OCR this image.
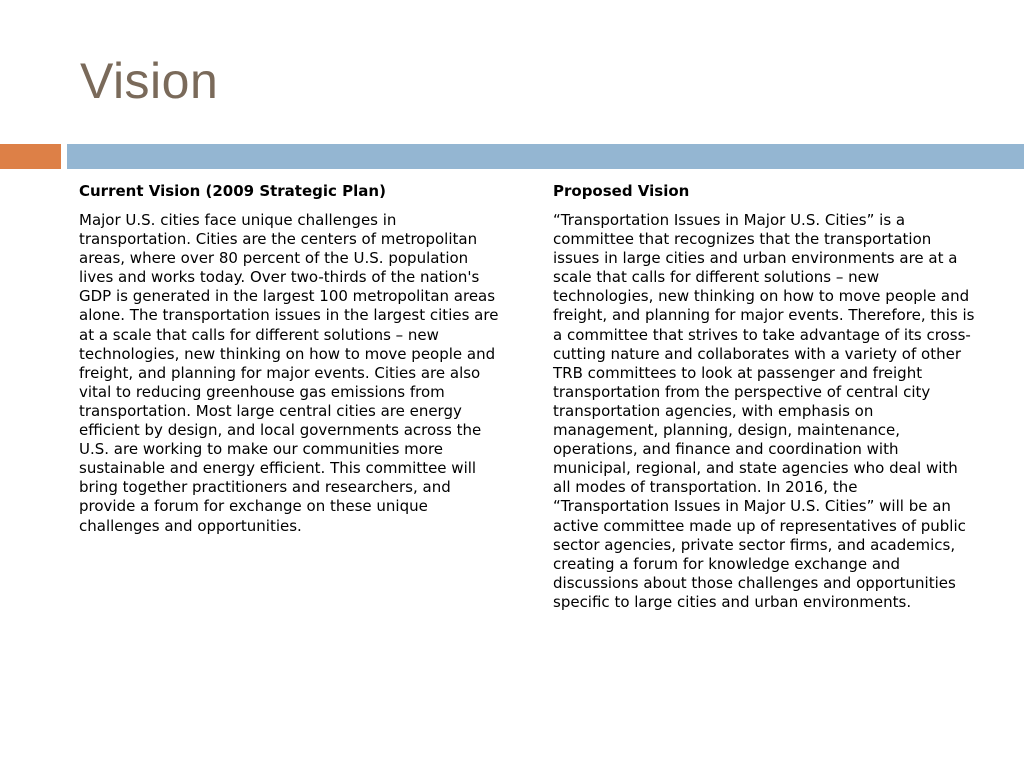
Vision

Current Vision (2009 Strategic Plan)

Major U.S. cities face unique challenges in transportation. Cities are the centers of metropolitan areas, where over 80 percent of the U.S. population lives and works today. Over two-thirds of the nation's GDP is generated in the largest 100 metropolitan areas alone. The transportation issues in the largest cities are at a scale that calls for different solutions – new technologies, new thinking on how to move people and freight, and planning for major events. Cities are also vital to reducing greenhouse gas emissions from transportation. Most large central cities are energy efficient by design, and local governments across the U.S. are working to make our communities more sustainable and energy efficient. This committee will bring together practitioners and researchers, and provide a forum for exchange on these unique challenges and opportunities.

Proposed Vision

“Transportation Issues in Major U.S. Cities” is a committee that recognizes that the transportation issues in large cities and urban environments are at a scale that calls for different solutions – new technologies, new thinking on how to move people and freight, and planning for major events. Therefore, this is a committee that strives to take advantage of its cross-cutting nature and collaborates with a variety of other TRB committees to look at passenger and freight transportation from the perspective of central city transportation agencies, with emphasis on management, planning, design, maintenance, operations, and finance and coordination with municipal, regional, and state agencies who deal with all modes of transportation. In 2016, the “Transportation Issues in Major U.S. Cities” will be an active committee made up of representatives of public sector agencies, private sector firms, and academics, creating a forum for knowledge exchange and discussions about those challenges and opportunities specific to large cities and urban environments.
